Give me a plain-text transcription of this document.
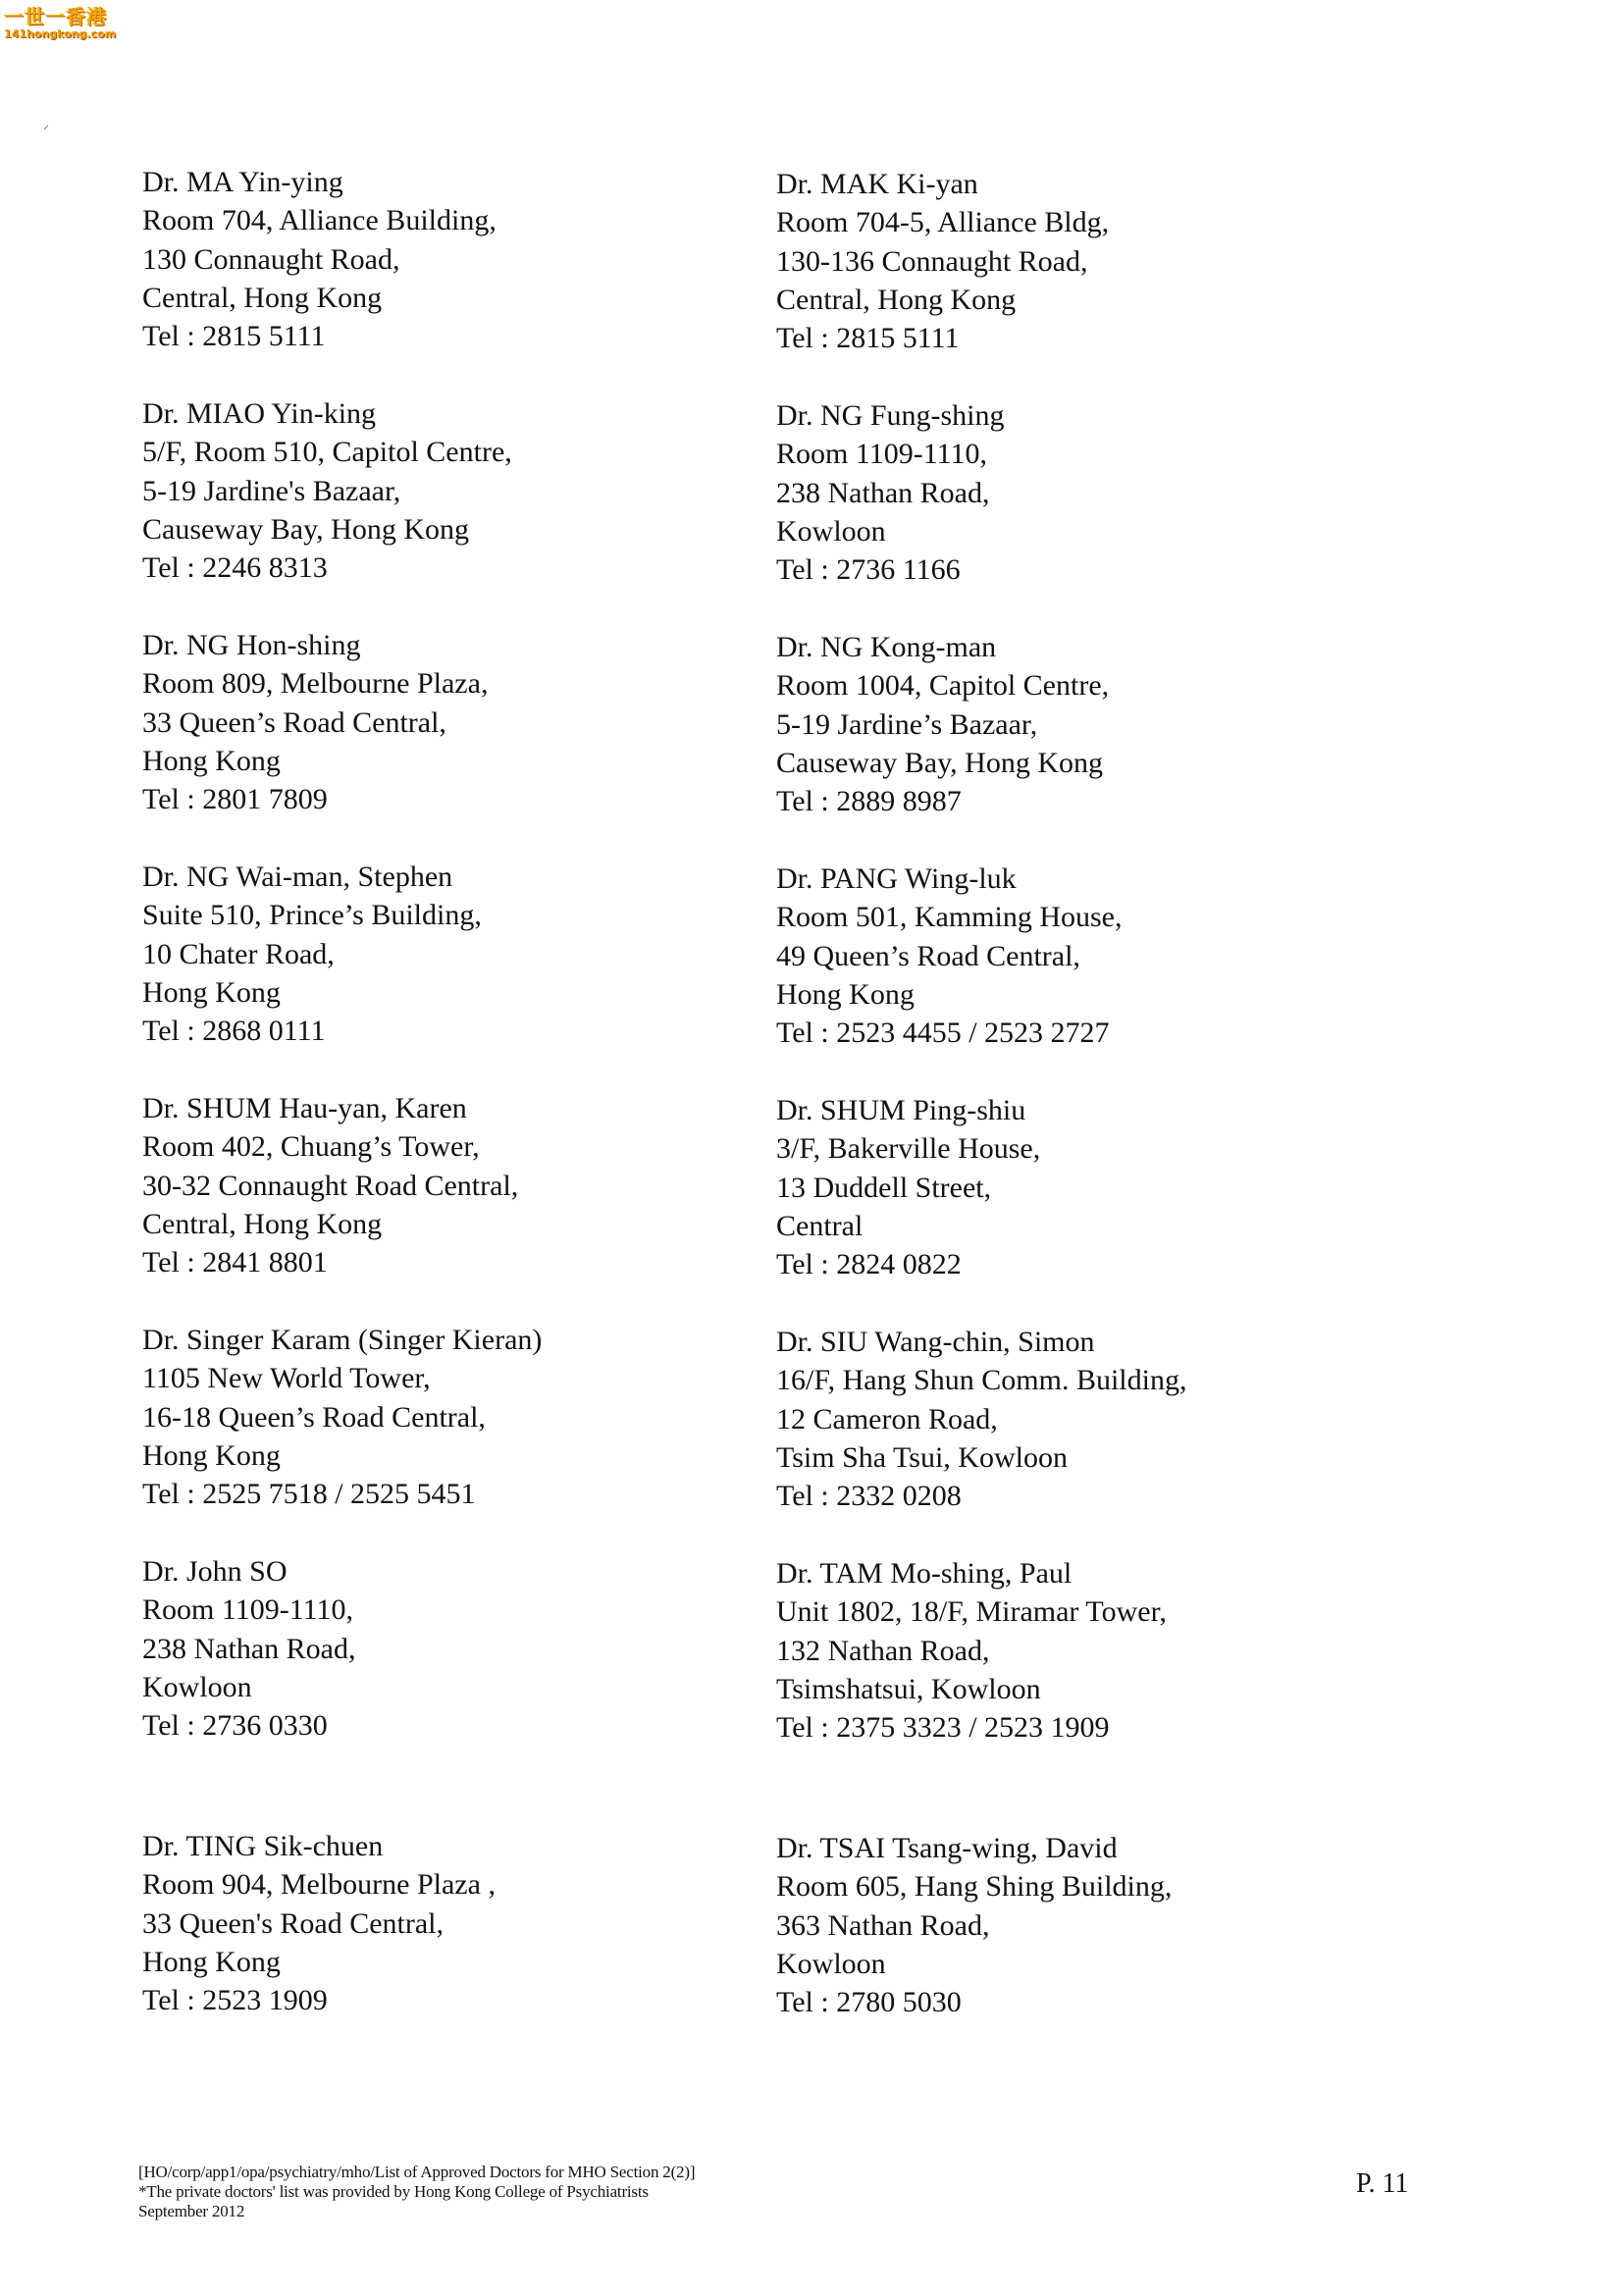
一世一香港
141hongkong.com
⸝
Dr. MA Yin-ying
Room 704, Alliance Building,
130 Connaught Road,
Central, Hong Kong
Tel : 2815 5111
Dr. MAK Ki-yan
Room 704-5, Alliance Bldg,
130-136 Connaught Road,
Central, Hong Kong
Tel : 2815 5111
Dr. MIAO Yin-king
5/F, Room 510, Capitol Centre,
5-19 Jardine's Bazaar,
Causeway Bay, Hong Kong
Tel : 2246 8313
Dr. NG Fung-shing
Room 1109-1110,
238 Nathan Road,
Kowloon
Tel : 2736 1166
Dr. NG Hon-shing
Room 809, Melbourne Plaza,
33 Queen’s Road Central,
Hong Kong
Tel : 2801 7809
Dr. NG Kong-man
Room 1004, Capitol Centre,
5-19 Jardine’s Bazaar,
Causeway Bay, Hong Kong
Tel : 2889 8987
Dr. NG Wai-man, Stephen
Suite 510, Prince’s Building,
10 Chater Road,
Hong Kong
Tel : 2868 0111
Dr. PANG Wing-luk
Room 501, Kamming House,
49 Queen’s Road Central,
Hong Kong
Tel : 2523 4455 / 2523 2727
Dr. SHUM Hau-yan, Karen
Room 402, Chuang’s Tower,
30-32 Connaught Road Central,
Central, Hong Kong
Tel : 2841 8801
Dr. SHUM Ping-shiu
3/F, Bakerville House,
13 Duddell Street,
Central
Tel : 2824 0822
Dr. Singer Karam (Singer Kieran)
1105 New World Tower,
16-18 Queen’s Road Central,
Hong Kong
Tel : 2525 7518 / 2525 5451
Dr. SIU Wang-chin, Simon
16/F, Hang Shun Comm. Building,
12 Cameron Road,
Tsim Sha Tsui, Kowloon
Tel : 2332 0208
Dr. John SO
Room 1109-1110,
238 Nathan Road,
Kowloon
Tel : 2736 0330
Dr. TAM Mo-shing, Paul
Unit 1802, 18/F, Miramar Tower,
132 Nathan Road,
Tsimshatsui, Kowloon
Tel : 2375 3323 / 2523 1909
Dr. TING Sik-chuen
Room 904, Melbourne Plaza ,
33 Queen's Road Central,
Hong Kong
Tel : 2523 1909
Dr. TSAI Tsang-wing, David
Room 605, Hang Shing Building,
363 Nathan Road,
Kowloon
Tel : 2780 5030
[HO/corp/app1/opa/psychiatry/mho/List of Approved Doctors for MHO Section 2(2)]
*The private doctors' list was provided by Hong Kong College of Psychiatrists
September 2012
P. 11
